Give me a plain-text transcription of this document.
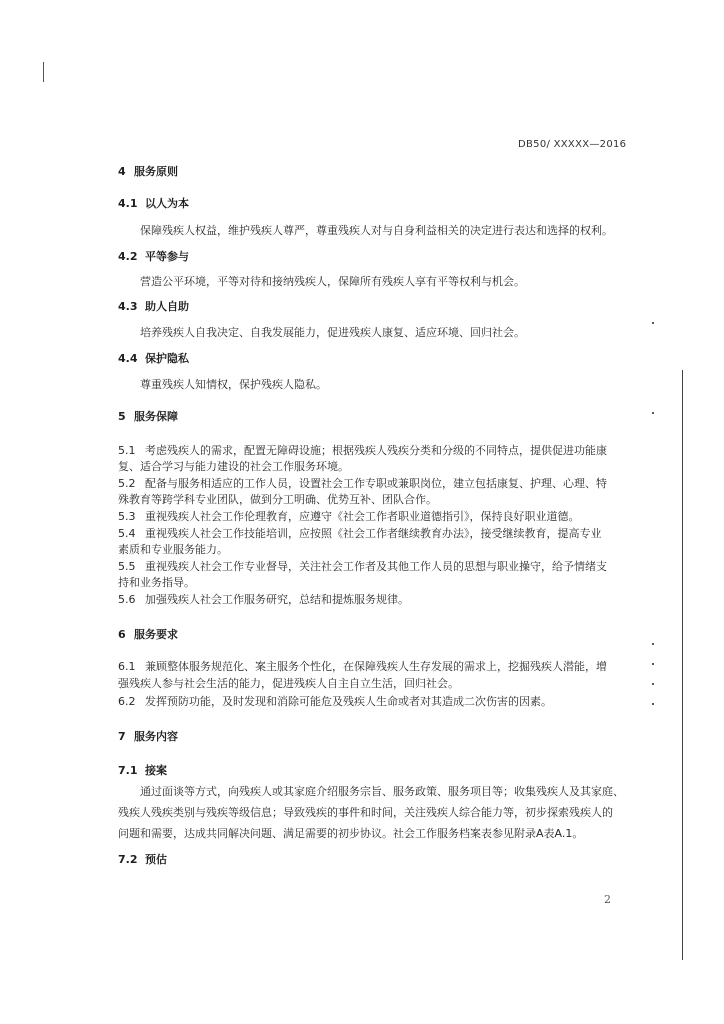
DB50/ XXXXX—2016
4 服务原则
4.1 以人为本
保障残疾人权益，维护残疾人尊严，尊重残疾人对与自身利益相关的决定进行表达和选择的权利。
4.2 平等参与
营造公平环境，平等对待和接纳残疾人，保障所有残疾人享有平等权利与机会。
4.3 助人自助
培养残疾人自我决定、自我发展能力，促进残疾人康复、适应环境、回归社会。
4.4 保护隐私
尊重残疾人知情权，保护残疾人隐私。
5 服务保障
5.1 考虑残疾人的需求，配置无障碍设施；根据残疾人残疾分类和分级的不同特点，提供促进功能康
复、适合学习与能力建设的社会工作服务环境。
5.2 配备与服务相适应的工作人员，设置社会工作专职或兼职岗位，建立包括康复、护理、心理、特
殊教育等跨学科专业团队，做到分工明确、优势互补、团队合作。
5.3 重视残疾人社会工作伦理教育，应遵守《社会工作者职业道德指引》，保持良好职业道德。
5.4 重视残疾人社会工作技能培训，应按照《社会工作者继续教育办法》，接受继续教育，提高专业
素质和专业服务能力。
5.5 重视残疾人社会工作专业督导，关注社会工作者及其他工作人员的思想与职业操守，给予情绪支
持和业务指导。
5.6 加强残疾人社会工作服务研究，总结和提炼服务规律。
6 服务要求
6.1 兼顾整体服务规范化、案主服务个性化，在保障残疾人生存发展的需求上，挖掘残疾人潜能，增
强残疾人参与社会生活的能力，促进残疾人自主自立生活，回归社会。
6.2 发挥预防功能，及时发现和消除可能危及残疾人生命或者对其造成二次伤害的因素。
7 服务内容
7.1 接案
通过面谈等方式，向残疾人或其家庭介绍服务宗旨、服务政策、服务项目等；收集残疾人及其家庭、
残疾人残疾类别与残疾等级信息；导致残疾的事件和时间，关注残疾人综合能力等，初步探索残疾人的
问题和需要，达成共同解决问题、满足需要的初步协议。社会工作服务档案表参见附录A表A.1。
7.2 预估
2
